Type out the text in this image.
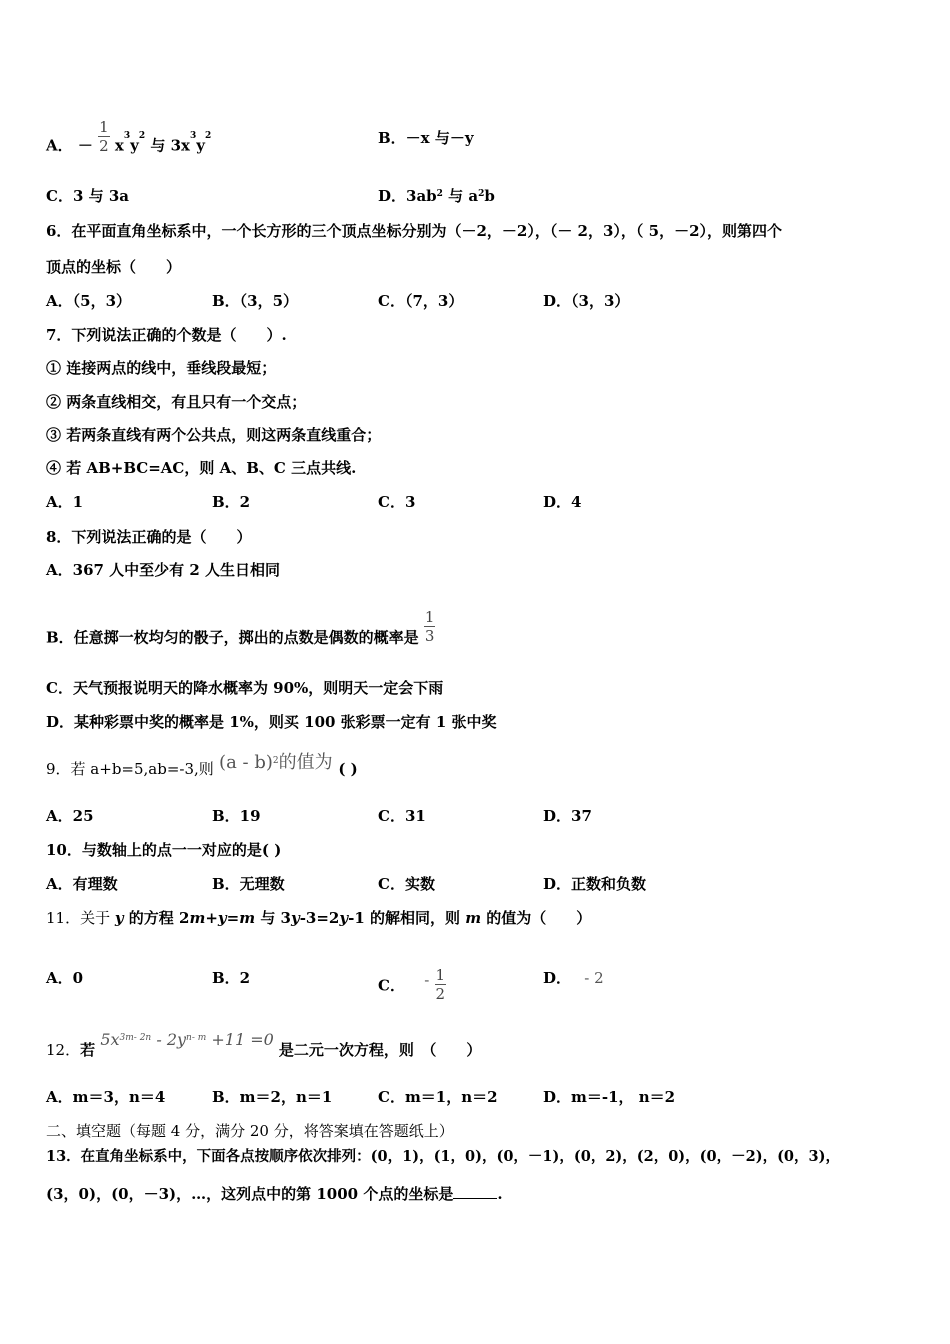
A． － $\frac{1}{2} x^3y^2$ 与 $3x^3y^2$	B．－x 与－y
C．3 与 3a	D．$3ab^2$ 与 $a^2b$
6．在平面直角坐标系中，一个长方形的三个顶点坐标分别为（－2，－2），（－ 2，3），（ 5，－2），则第四个
顶点的坐标（　　）
A．（5，3）	B．（3，5）	C．（7，3）	D．（3，3）
7．下列说法正确的个数是（　　）.
① 连接两点的线中，垂线段最短；
② 两条直线相交，有且只有一个交点；
③ 若两条直线有两个公共点，则这两条直线重合；
④ 若 AB+BC=AC，则 A、B、C 三点共线.
A．1	B．2	C．3	D．4
8．下列说法正确的是（　　）
A．367 人中至少有 2 人生日相同
B．任意掷一枚均匀的骰子，掷出的点数是偶数的概率是 $\frac{1}{3}$
C．天气预报说明天的降水概率为 90%，则明天一定会下雨
D．某种彩票中奖的概率是 1%，则买 100 张彩票一定有 1 张中奖
9．若 a+b=5,ab=-3,则 (a - b)$^2$的值为 ( )
A．25	B．19	C．31	D．37
10．与数轴上的点一一对应的是( )
A．有理数	B．无理数	C．实数	D．正数和负数
11．关于 y 的方程 2m+y=m 与 3y-3=2y-1 的解相同，则 m 的值为（　　）
A．0	B．2	C． - $\frac{1}{2}$	D． - 2
12．若 $5x^{3m- 2n} - 2y^{n- m} +11 =0$ 是二元一次方程，则　（　　）
A．m＝3，n＝4	B．m＝2，n＝1	C．m＝1，n＝2	D．m＝-1， n＝2
二、填空题（每题 4 分，满分 20 分，将答案填在答题纸上）
13．在直角坐标系中，下面各点按顺序依次排列：(0，1)，(1，0)，(0，－1)，(0，2)，(2，0)，(0，－2)，(0，3)，
(3，0)，(0，－3)，…，这列点中的第 1000 个点的坐标是	.
